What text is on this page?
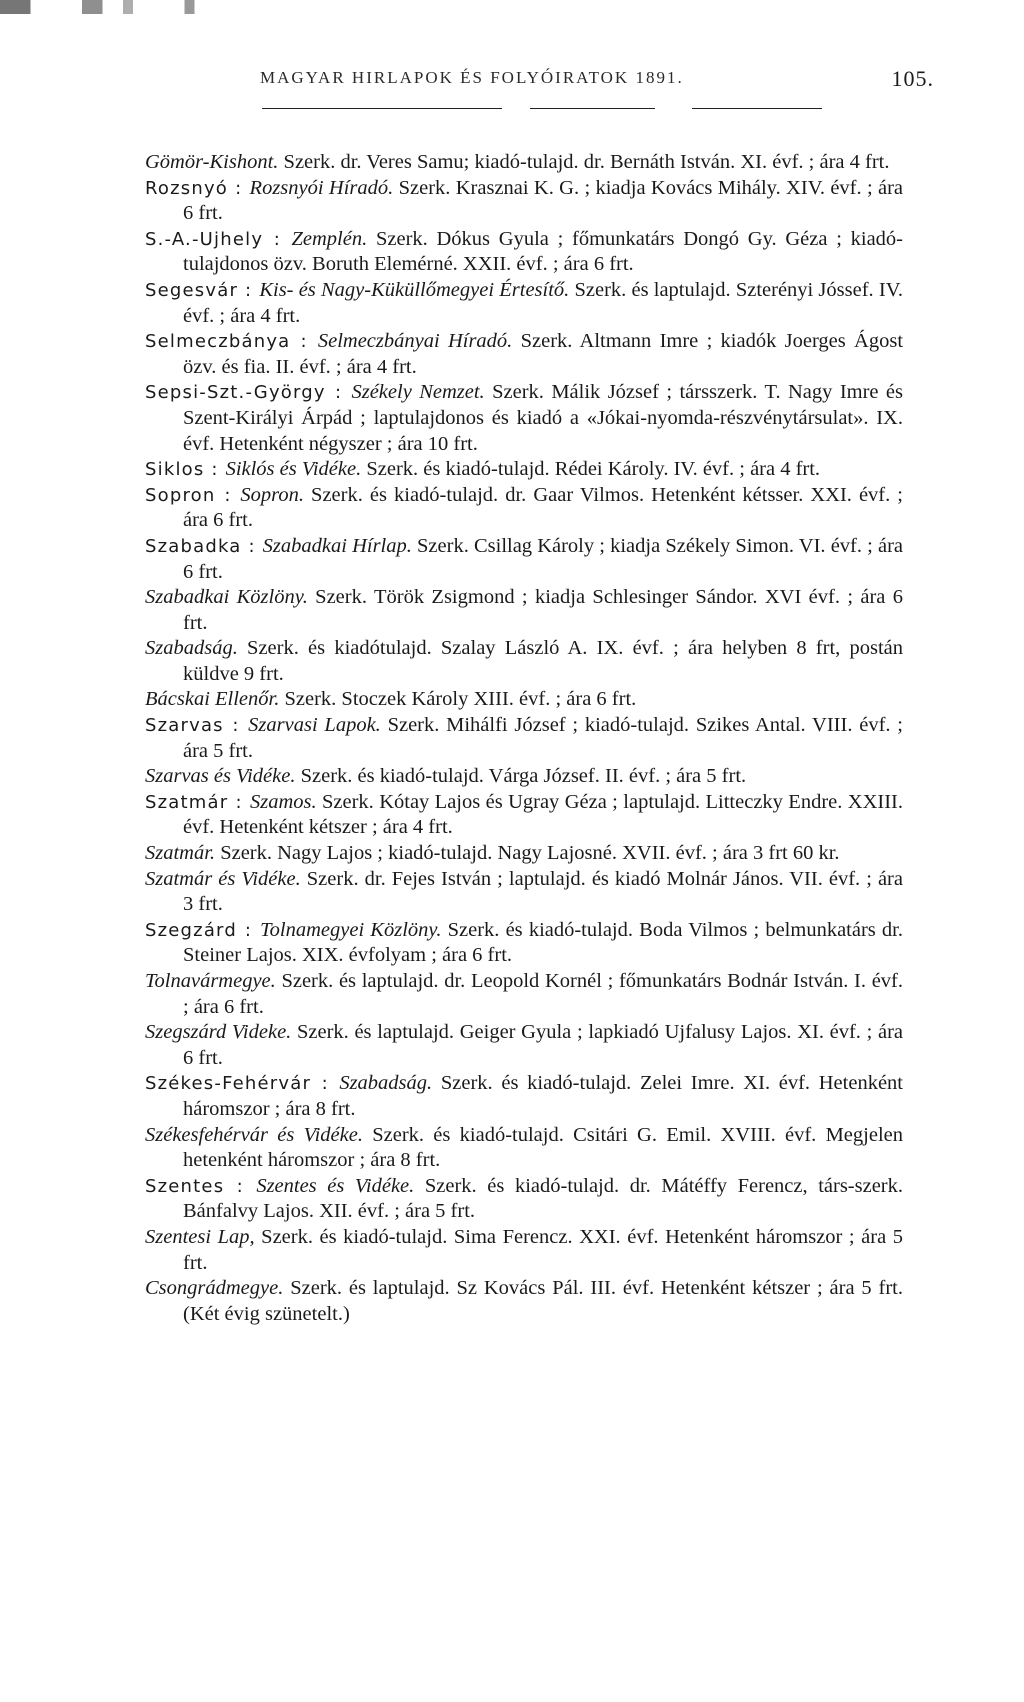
MAGYAR HIRLAPOK ÉS FOLYÓIRATOK 1891.	105.

Gömör-Kishont. Szerk. dr. Veres Samu; kiadó-tulajd. dr. Bernáth István. XI. évf. ; ára 4 frt.

Rozsnyó : Rozsnyói Híradó. Szerk. Krasznai K. G. ; kiadja Kovács Mihály. XIV. évf. ; ára 6 frt.

S.-A.-Ujhely : Zemplén. Szerk. Dókus Gyula ; főmunkatárs Dongó Gy. Géza ; kiadó-tulajdonos özv. Boruth Elemérné. XXII. évf. ; ára 6 frt.

Segesvár : Kis- és Nagy-Küküllőmegyei Értesítő. Szerk. és laptulajd. Szterényi Jóssef. IV. évf. ; ára 4 frt.

Selmeczbánya : Selmeczbányai Híradó. Szerk. Altmann Imre ; kiadók Joerges Ágost özv. és fia. II. évf. ; ára 4 frt.

Sepsi-Szt.-György : Székely Nemzet. Szerk. Málik József ; társszerk. T. Nagy Imre és Szent-Királyi Árpád ; laptulajdonos és kiadó a «Jókai-nyomda-részvénytársulat». IX. évf. Hetenként négyszer ; ára 10 frt.

Siklos : Siklós és Vidéke. Szerk. és kiadó-tulajd. Rédei Károly. IV. évf. ; ára 4 frt.

Sopron : Sopron. Szerk. és kiadó-tulajd. dr. Gaar Vilmos. Hetenként kétsser. XXI. évf. ; ára 6 frt.

Szabadka : Szabadkai Hírlap. Szerk. Csillag Károly ; kiadja Székely Simon. VI. évf. ; ára 6 frt.

Szabadkai Közlöny. Szerk. Török Zsigmond ; kiadja Schlesinger Sándor. XVI évf. ; ára 6 frt.

Szabadság. Szerk. és kiadótulajd. Szalay László A. IX. évf. ; ára helyben 8 frt, postán küldve 9 frt.

Bácskai Ellenőr. Szerk. Stoczek Károly XIII. évf. ; ára 6 frt.

Szarvas : Szarvasi Lapok. Szerk. Mihálfi József ; kiadó-tulajd. Szikes Antal. VIII. évf. ; ára 5 frt.

Szarvas és Vidéke. Szerk. és kiadó-tulajd. Várga József. II. évf. ; ára 5 frt.

Szatmár : Szamos. Szerk. Kótay Lajos és Ugray Géza ; laptulajd. Litteczky Endre. XXIII. évf. Hetenként kétszer ; ára 4 frt.

Szatmár. Szerk. Nagy Lajos ; kiadó-tulajd. Nagy Lajosné. XVII. évf. ; ára 3 frt 60 kr.

Szatmár és Vidéke. Szerk. dr. Fejes István ; laptulajd. és kiadó Molnár János. VII. évf. ; ára 3 frt.

Szegzárd : Tolnamegyei Közlöny. Szerk. és kiadó-tulajd. Boda Vilmos ; belmunkatárs dr. Steiner Lajos. XIX. évfolyam ; ára 6 frt.

Tolnavármegye. Szerk. és laptulajd. dr. Leopold Kornél ; főmunkatárs Bodnár István. I. évf. ; ára 6 frt.

Szegszárd Videke. Szerk. és laptulajd. Geiger Gyula ; lapkiadó Ujfalusy Lajos. XI. évf. ; ára 6 frt.

Székes-Fehérvár : Szabadság. Szerk. és kiadó-tulajd. Zelei Imre. XI. évf. Hetenként háromszor ; ára 8 frt.

Székesfehérvár és Vidéke. Szerk. és kiadó-tulajd. Csitári G. Emil. XVIII. évf. Megjelen hetenként háromszor ; ára 8 frt.

Szentes : Szentes és Vidéke. Szerk. és kiadó-tulajd. dr. Mátéffy Ferencz, társ-szerk. Bánfalvy Lajos. XII. évf. ; ára 5 frt.

Szentesi Lap, Szerk. és kiadó-tulajd. Sima Ferencz. XXI. évf. Hetenként háromszor ; ára 5 frt.

Csongrádmegye. Szerk. és laptulajd. Sz Kovács Pál. III. évf. Hetenként kétszer ; ára 5 frt. (Két évig szünetelt.)
